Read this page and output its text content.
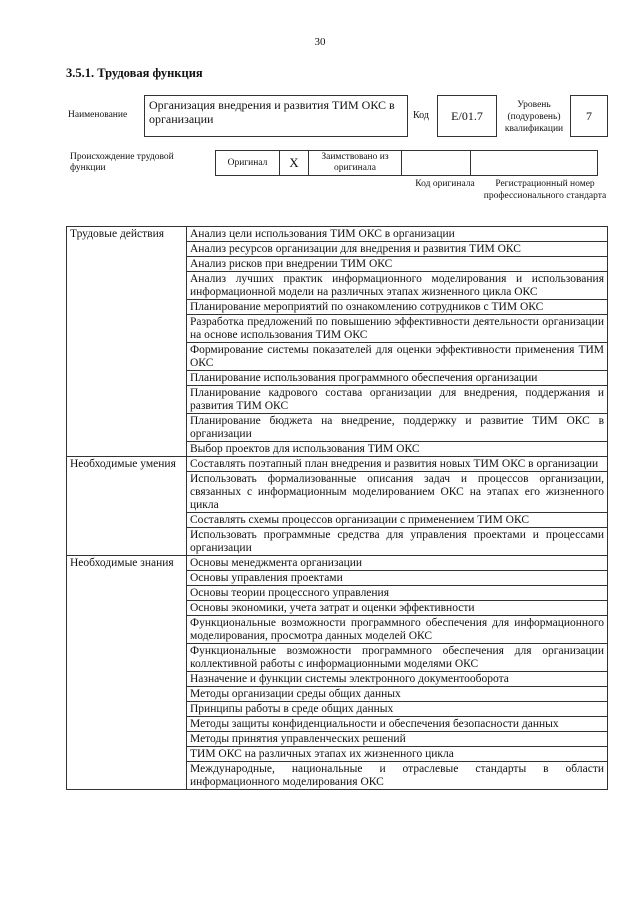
30
3.5.1. Трудовая функция
Наименование
Организация внедрения и развития ТИМ ОКС в организации	Код	E/01.7
Уровень (подуровень) квалификации
7
Происхождение трудовой функции	Оригинал	X	Заимствовано из оригинала
Код оригинала	Регистрационный номер профессионального стандарта
Трудовые действия	Анализ цели использования ТИМ ОКС в организации
	Анализ ресурсов организации для внедрения и развития ТИМ ОКС
	Анализ рисков при внедрении ТИМ ОКС
	Анализ лучших практик информационного моделирования и использования информационной модели на различных этапах жизненного цикла ОКС
	Планирование мероприятий по ознакомлению сотрудников с ТИМ ОКС
	Разработка предложений по повышению эффективности деятельности организации на основе использования ТИМ ОКС
	Формирование системы показателей для оценки эффективности применения ТИМ ОКС
	Планирование использования программного обеспечения организации
	Планирование кадрового состава организации для внедрения, поддержания и развития ТИМ ОКС
	Планирование бюджета на внедрение, поддержку и развитие ТИМ ОКС в организации
	Выбор проектов для использования ТИМ ОКС
Необходимые умения	Составлять поэтапный план внедрения и развития новых ТИМ ОКС в организации
	Использовать формализованные описания задач и процессов организации, связанных с информационным моделированием ОКС на этапах его жизненного цикла
	Составлять схемы процессов организации с применением ТИМ ОКС
	Использовать программные средства для управления проектами и процессами организации
Необходимые знания	Основы менеджмента организации
	Основы управления проектами
	Основы теории процессного управления
	Основы экономики, учета затрат и оценки эффективности
	Функциональные возможности программного обеспечения для информационного моделирования, просмотра данных моделей ОКС
	Функциональные возможности программного обеспечения для организации коллективной работы с информационными моделями ОКС
	Назначение и функции системы электронного документооборота
	Методы организации среды общих данных
	Принципы работы в среде общих данных
	Методы защиты конфиденциальности и обеспечения безопасности данных
	Методы принятия управленческих решений
	ТИМ ОКС на различных этапах их жизненного цикла
	Международные, национальные и отраслевые стандарты в области информационного моделирования ОКС
